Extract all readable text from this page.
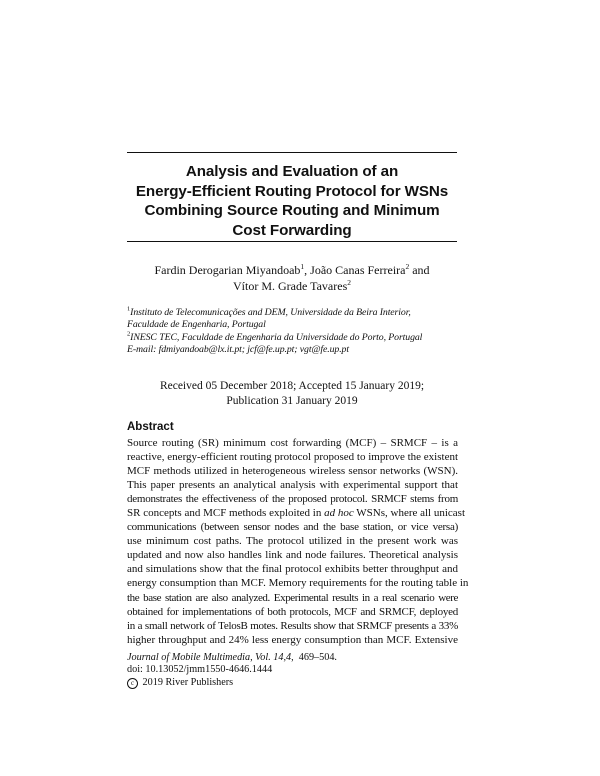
Analysis and Evaluation of an
Energy-Efficient Routing Protocol for WSNs
Combining Source Routing and Minimum
Cost Forwarding
Fardin Derogarian Miyandoab$^1$, João Canas Ferreira$^2$ and
Vítor M. Grade Tavares$^2$
$^1$Instituto de Telecomunicações and DEM, Universidade da Beira Interior,
Faculdade de Engenharia, Portugal
$^2$INESC TEC, Faculdade de Engenharia da Universidade do Porto, Portugal
E-mail: fdmiyandoab@lx.it.pt; jcf@fe.up.pt; vgt@fe.up.pt
Received 05 December 2018; Accepted 15 January 2019;
Publication 31 January 2019
Abstract
Source routing (SR) minimum cost forwarding (MCF) – SRMCF – is a
reactive, energy-efficient routing protocol proposed to improve the existent
MCF methods utilized in heterogeneous wireless sensor networks (WSN).
This paper presents an analytical analysis with experimental support that
demonstrates the effectiveness of the proposed protocol. SRMCF stems from
SR concepts and MCF methods exploited in ad hoc WSNs, where all unicast
communications (between sensor nodes and the base station, or vice versa)
use minimum cost paths. The protocol utilized in the present work was
updated and now also handles link and node failures. Theoretical analysis
and simulations show that the final protocol exhibits better throughput and
energy consumption than MCF. Memory requirements for the routing table in
the base station are also analyzed. Experimental results in a real scenario were
obtained for implementations of both protocols, MCF and SRMCF, deployed
in a small network of TelosB motes. Results show that SRMCF presents a 33%
higher throughput and 24% less energy consumption than MCF. Extensive
Journal of Mobile Multimedia, Vol. 14,4, 469–504.
doi: 10.13052/jmm1550-4646.1444
c 2019 River Publishers
